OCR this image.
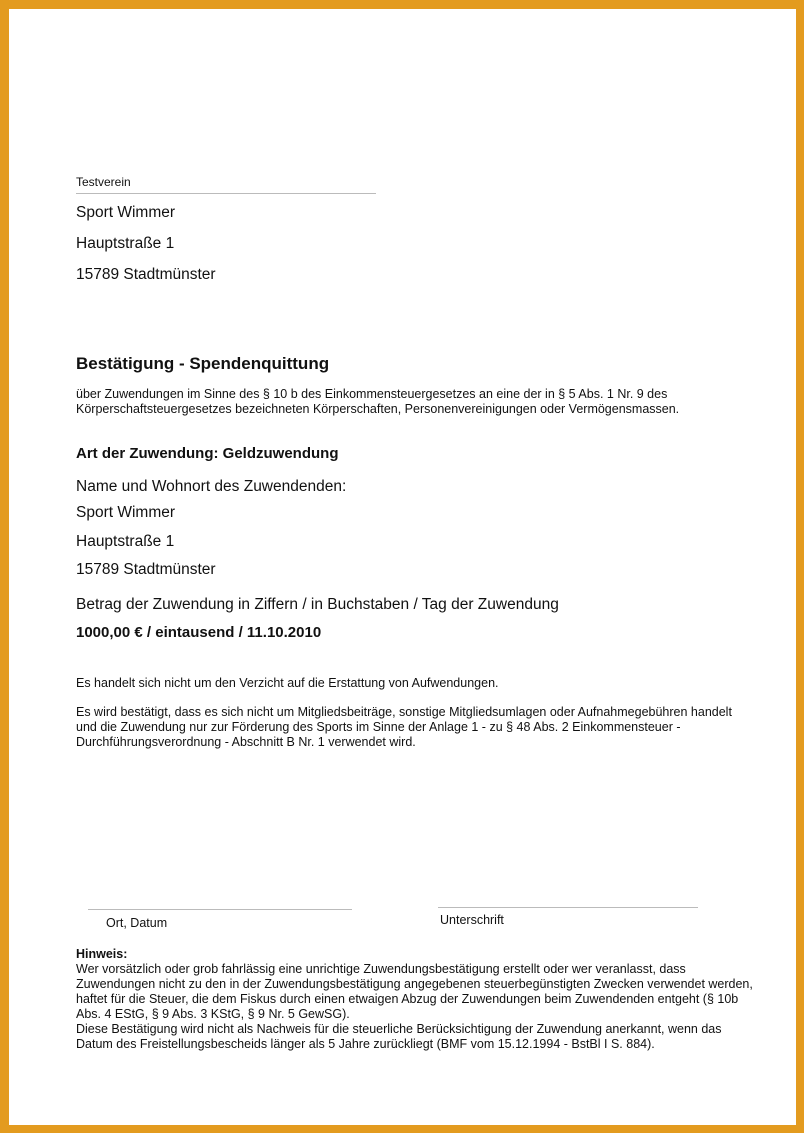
Testverein
Sport Wimmer
Hauptstraße 1
15789 Stadtmünster
Bestätigung - Spendenquittung
über Zuwendungen im Sinne des § 10 b des Einkommensteuergesetzes an eine der in § 5 Abs. 1 Nr. 9 des Körperschaftsteuergesetzes bezeichneten Körperschaften, Personenvereinigungen oder Vermögensmassen.
Art der Zuwendung: Geldzuwendung
Name und Wohnort des Zuwendenden:
Sport Wimmer
Hauptstraße 1
15789 Stadtmünster
Betrag der Zuwendung in Ziffern / in Buchstaben / Tag der Zuwendung
1000,00 € / eintausend / 11.10.2010
Es handelt sich nicht um den Verzicht auf die Erstattung von Aufwendungen.
Es wird bestätigt, dass es sich nicht um Mitgliedsbeiträge, sonstige Mitgliedsumlagen oder Aufnahmegebühren handelt und die Zuwendung nur zur Förderung des Sports im Sinne der Anlage 1 - zu § 48 Abs. 2 Einkommensteuer - Durchführungsverordnung - Abschnitt B Nr. 1 verwendet wird.
Ort, Datum	Unterschrift
Hinweis:
Wer vorsätzlich oder grob fahrlässig eine unrichtige Zuwendungsbestätigung erstellt oder wer veranlasst, dass Zuwendungen nicht zu den in der Zuwendungsbestätigung angegebenen steuerbegünstigten Zwecken verwendet werden, haftet für die Steuer, die dem Fiskus durch einen etwaigen Abzug der Zuwendungen beim Zuwendenden entgeht (§ 10b Abs. 4 EStG, § 9 Abs. 3 KStG, § 9 Nr. 5 GewSG).
Diese Bestätigung wird nicht als Nachweis für die steuerliche Berücksichtigung der Zuwendung anerkannt, wenn das Datum des Freistellungsbescheids länger als 5 Jahre zurückliegt (BMF vom 15.12.1994 - BstBl I S. 884).
